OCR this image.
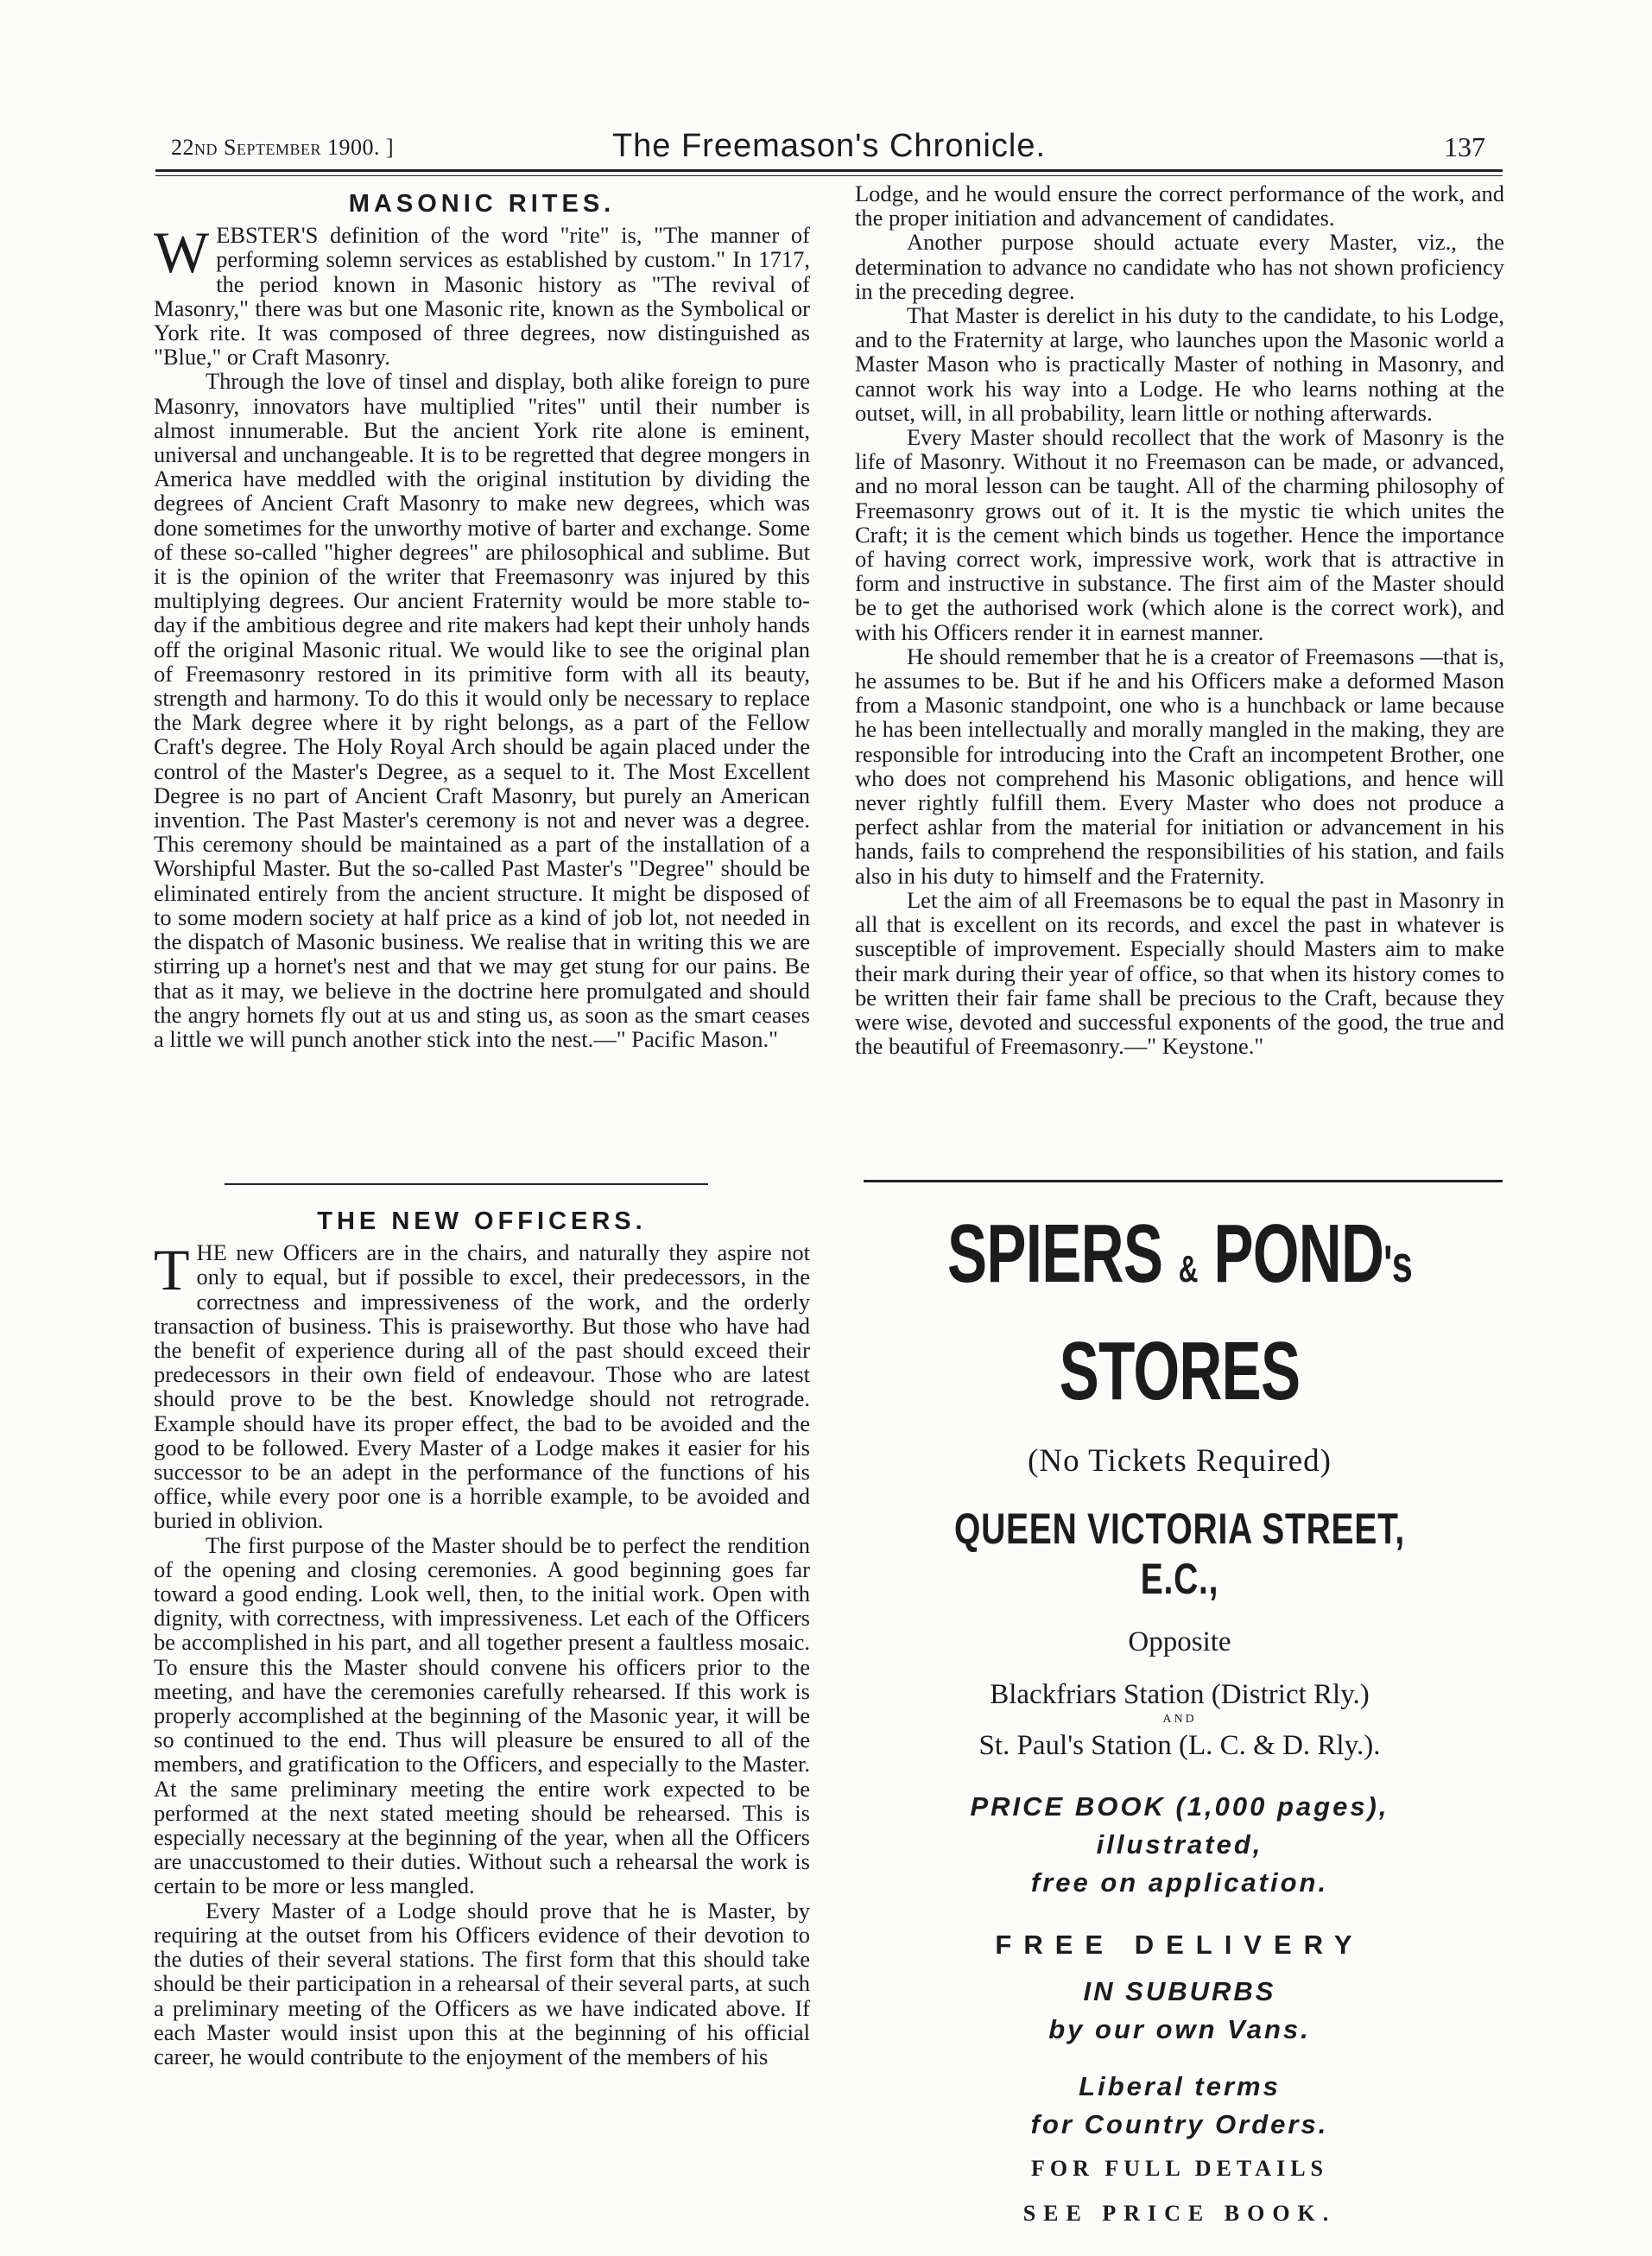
22nd September 1900. ]	The Freemason's Chronicle.	137
MASONIC RITES.

WEBSTER'S definition of the word "rite" is, "The manner of performing solemn services as established by custom." In 1717, the period known in Masonic history as "The revival of Masonry," there was but one Masonic rite, known as the Symbolical or York rite. It was composed of three degrees, now distinguished as "Blue," or Craft Masonry.

Through the love of tinsel and display, both alike foreign to pure Masonry, innovators have multiplied "rites" until their number is almost innumerable. But the ancient York rite alone is eminent, universal and unchangeable. It is to be regretted that degree mongers in America have meddled with the original institution by dividing the degrees of Ancient Craft Masonry to make new degrees, which was done sometimes for the unworthy motive of barter and exchange. Some of these so-called "higher degrees" are philosophical and sublime. But it is the opinion of the writer that Freemasonry was injured by this multiplying degrees. Our ancient Fraternity would be more stable to-day if the ambitious degree and rite makers had kept their unholy hands off the original Masonic ritual. We would like to see the original plan of Freemasonry restored in its primitive form with all its beauty, strength and harmony. To do this it would only be necessary to replace the Mark degree where it by right belongs, as a part of the Fellow Craft's degree. The Holy Royal Arch should be again placed under the control of the Master's Degree, as a sequel to it. The Most Excellent Degree is no part of Ancient Craft Masonry, but purely an American invention. The Past Master's ceremony is not and never was a degree. This ceremony should be maintained as a part of the installation of a Worshipful Master. But the so-called Past Master's "Degree" should be eliminated entirely from the ancient structure. It might be disposed of to some modern society at half price as a kind of job lot, not needed in the dispatch of Masonic business. We realise that in writing this we are stirring up a hornet's nest and that we may get stung for our pains. Be that as it may, we believe in the doctrine here promulgated and should the angry hornets fly out at us and sting us, as soon as the smart ceases a little we will punch another stick into the nest.—" Pacific Mason."

THE NEW OFFICERS.

THE new Officers are in the chairs, and naturally they aspire not only to equal, but if possible to excel, their predecessors, in the correctness and impressiveness of the work, and the orderly transaction of business. This is praiseworthy. But those who have had the benefit of experience during all of the past should exceed their predecessors in their own field of endeavour. Those who are latest should prove to be the best. Knowledge should not retrograde. Example should have its proper effect, the bad to be avoided and the good to be followed. Every Master of a Lodge makes it easier for his successor to be an adept in the performance of the functions of his office, while every poor one is a horrible example, to be avoided and buried in oblivion.

The first purpose of the Master should be to perfect the rendition of the opening and closing ceremonies. A good beginning goes far toward a good ending. Look well, then, to the initial work. Open with dignity, with correctness, with impressiveness. Let each of the Officers be accomplished in his part, and all together present a faultless mosaic. To ensure this the Master should convene his officers prior to the meeting, and have the ceremonies carefully rehearsed. If this work is properly accomplished at the beginning of the Masonic year, it will be so continued to the end. Thus will pleasure be ensured to all of the members, and gratification to the Officers, and especially to the Master. At the same preliminary meeting the entire work expected to be performed at the next stated meeting should be rehearsed. This is especially necessary at the beginning of the year, when all the Officers are unaccustomed to their duties. Without such a rehearsal the work is certain to be more or less mangled.

Every Master of a Lodge should prove that he is Master, by requiring at the outset from his Officers evidence of their devotion to the duties of their several stations. The first form that this should take should be their participation in a rehearsal of their several parts, at such a preliminary meeting of the Officers as we have indicated above. If each Master would insist upon this at the beginning of his official career, he would contribute to the enjoyment of the members of his

Lodge, and he would ensure the correct performance of the work, and the proper initiation and advancement of candidates.

Another purpose should actuate every Master, viz., the determination to advance no candidate who has not shown proficiency in the preceding degree.

That Master is derelict in his duty to the candidate, to his Lodge, and to the Fraternity at large, who launches upon the Masonic world a Master Mason who is practically Master of nothing in Masonry, and cannot work his way into a Lodge. He who learns nothing at the outset, will, in all probability, learn little or nothing afterwards.

Every Master should recollect that the work of Masonry is the life of Masonry. Without it no Freemason can be made, or advanced, and no moral lesson can be taught. All of the charming philosophy of Freemasonry grows out of it. It is the mystic tie which unites the Craft; it is the cement which binds us together. Hence the importance of having correct work, impressive work, work that is attractive in form and instructive in substance. The first aim of the Master should be to get the authorised work (which alone is the correct work), and with his Officers render it in earnest manner.

He should remember that he is a creator of Freemasons —that is, he assumes to be. But if he and his Officers make a deformed Mason from a Masonic standpoint, one who is a hunchback or lame because he has been intellectually and morally mangled in the making, they are responsible for introducing into the Craft an incompetent Brother, one who does not comprehend his Masonic obligations, and hence will never rightly fulfill them. Every Master who does not produce a perfect ashlar from the material for initiation or advancement in his hands, fails to comprehend the responsibilities of his station, and fails also in his duty to himself and the Fraternity.

Let the aim of all Freemasons be to equal the past in Masonry in all that is excellent on its records, and excel the past in whatever is susceptible of improvement. Especially should Masters aim to make their mark during their year of office, so that when its history comes to be written their fair fame shall be precious to the Craft, because they were wise, devoted and successful exponents of the good, the true and the beautiful of Freemasonry.—" Keystone."

SPIERS & POND's
STORES
(No Tickets Required)
QUEEN VICTORIA STREET, E.C.,
Opposite
Blackfriars Station (District Rly.)
AND
St. Paul's Station (L. C. & D. Rly.).
PRICE BOOK (1,000 pages),
illustrated,
free on application.
FREE DELIVERY
IN SUBURBS
by our own Vans.
Liberal terms
for Country Orders.
FOR FULL DETAILS
SEE PRICE BOOK.
